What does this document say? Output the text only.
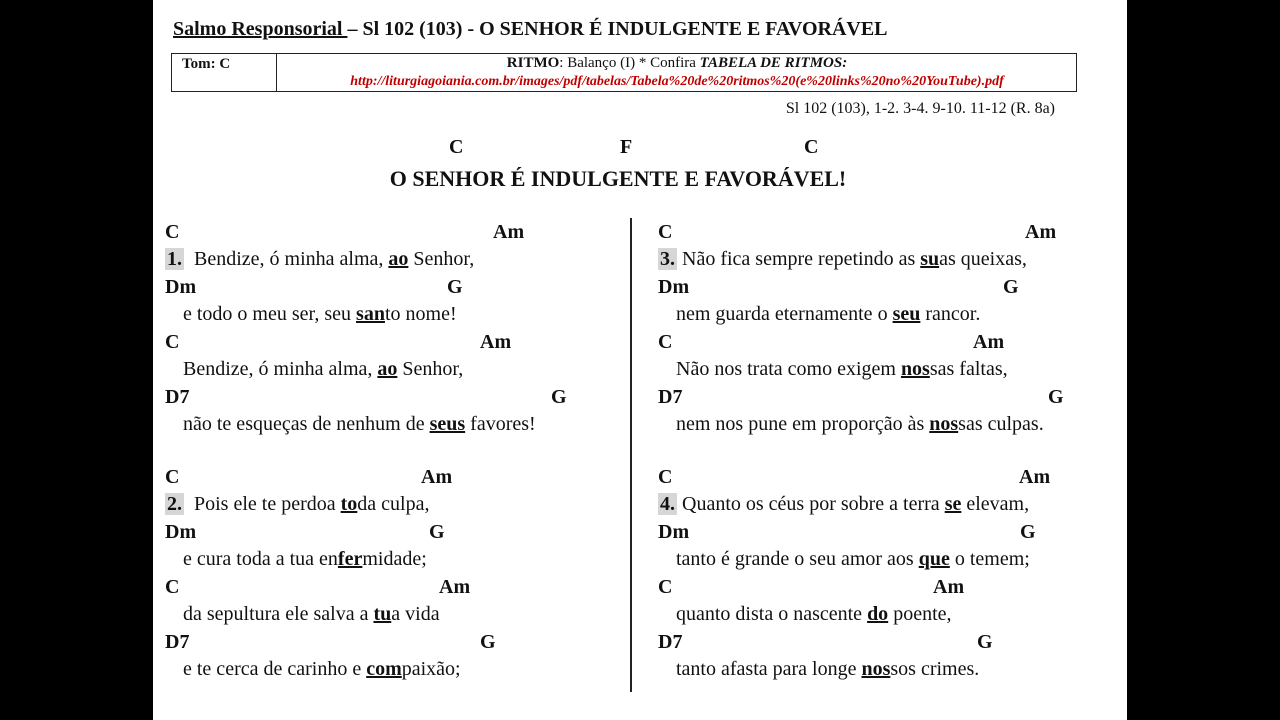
Salmo Responsorial – Sl 102 (103) - O SENHOR É INDULGENTE E FAVORÁVEL
Tom: C	RITMO: Balanço (I) * Confira TABELA DE RITMOS:
http://liturgiagoiania.com.br/images/pdf/tabelas/Tabela%20de%20ritmos%20(e%20links%20no%20YouTube).pdf
Sl 102 (103), 1-2. 3-4. 9-10. 11-12 (R. 8a)
C	F	C
O SENHOR É INDULGENTE E FAVORÁVEL!
C	Am
1. Bendize, ó minha alma, ao Senhor,
Dm	G
e todo o meu ser, seu santo nome!
C	Am
Bendize, ó minha alma, ao Senhor,
D7	G
não te esqueças de nenhum de seus favores!
C	Am
2. Pois ele te perdoa toda culpa,
Dm	G
e cura toda a tua enfermidade;
C	Am
da sepultura ele salva a tua vida
D7	G
e te cerca de carinho e compaixão;
C	Am
3. Não fica sempre repetindo as suas queixas,
Dm	G
nem guarda eternamente o seu rancor.
C	Am
Não nos trata como exigem nossas faltas,
D7	G
nem nos pune em proporção às nossas culpas.
C	Am
4. Quanto os céus por sobre a terra se elevam,
Dm	G
tanto é grande o seu amor aos que o temem;
C	Am
quanto dista o nascente do poente,
D7	G
tanto afasta para longe nossos crimes.
